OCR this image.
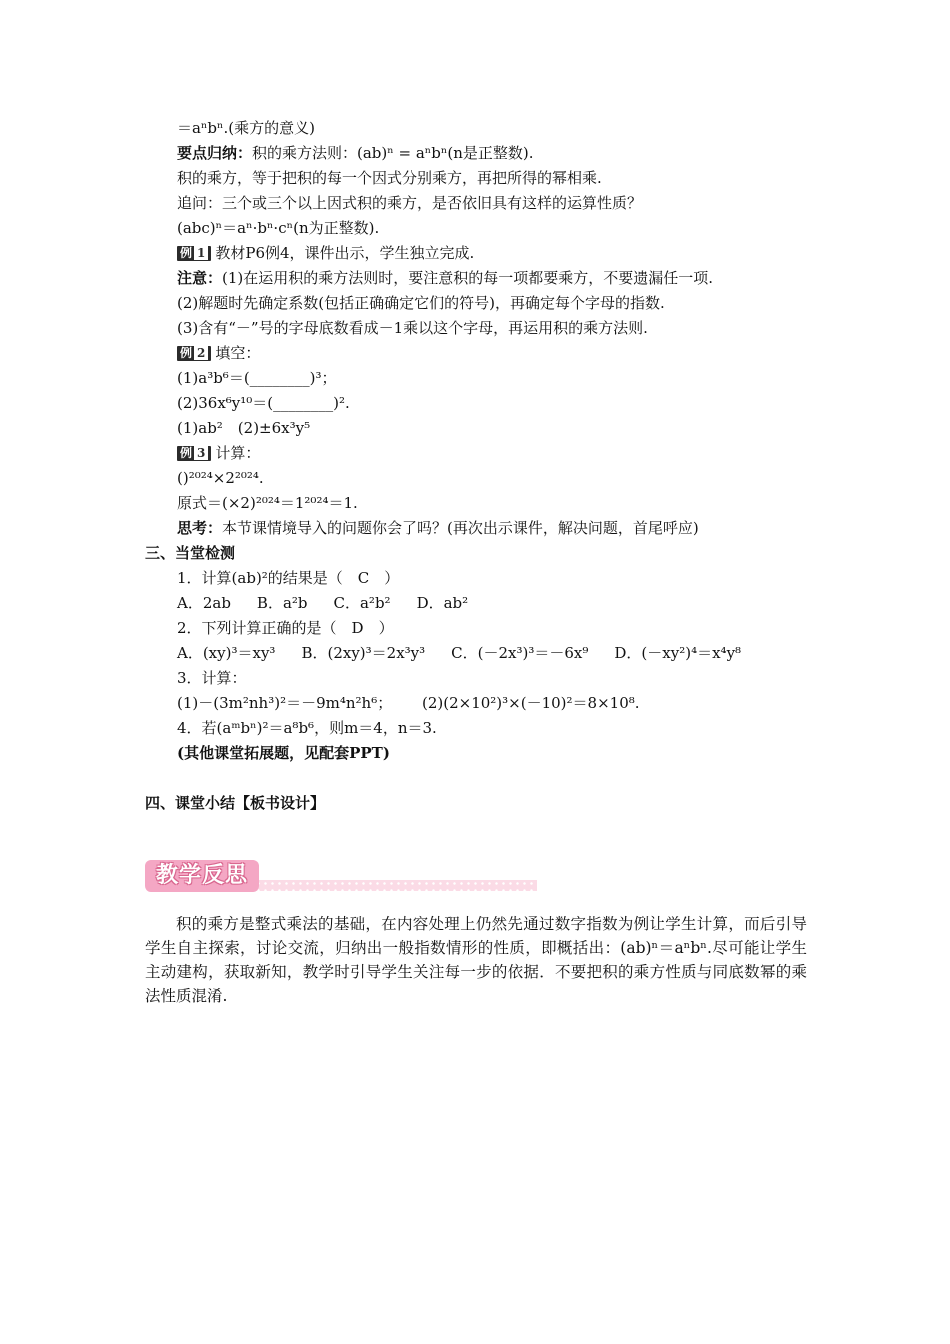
＝aⁿbⁿ.(乘方的意义)
要点归纳：积的乘方法则：(ab)ⁿ = aⁿbⁿ(n是正整数).
积的乘方，等于把积的每一个因式分别乘方，再把所得的幂相乘.
追问：三个或三个以上因式积的乘方，是否依旧具有这样的运算性质？
(abc)ⁿ＝aⁿ·bⁿ·cⁿ(n为正整数).
例 1 教材P6例4，课件出示，学生独立完成.
注意：(1)在运用积的乘方法则时，要注意积的每一项都要乘方，不要遗漏任一项.
(2)解题时先确定系数(包括正确确定它们的符号)，再确定每个字母的指数.
(3)含有“－”号的字母底数看成－1乘以这个字母，再运用积的乘方法则.
例 2 填空：
(1)a³b⁶＝(________)³；
(2)36x⁶y¹⁰＝(________)².
(1)ab²　(2)±6x³y⁵
例 3 计算：
()²⁰²⁴×2²⁰²⁴.
原式＝(×2)²⁰²⁴＝1²⁰²⁴＝1.
思考：本节课情境导入的问题你会了吗？(再次出示课件，解决问题，首尾呼应)
三、当堂检测
1．计算(ab)²的结果是（　C　）
A．2ab B．a²b C．a²b² D．ab²
2．下列计算正确的是（　D　）
A．(xy)³＝xy³ B．(2xy)³＝2x³y³ C．(－2x³)³＝－6x⁹ D．(－xy²)⁴＝x⁴y⁸
3．计算：
(1)－(3m²nh³)²＝－9m⁴n²h⁶； (2)(2×10²)³×(－10)²＝8×10⁸.
4．若(aᵐbⁿ)²＝a⁸b⁶，则m＝4，n＝3.
(其他课堂拓展题，见配套PPT)
四、课堂小结【板书设计】
教学反思
积的乘方是整式乘法的基础，在内容处理上仍然先通过数字指数为例让学生计算，而后引导学生自主探索，讨论交流，归纳出一般指数情形的性质，即概括出：(ab)ⁿ＝aⁿbⁿ.尽可能让学生主动建构，获取新知，教学时引导学生关注每一步的依据．不要把积的乘方性质与同底数幂的乘法性质混淆.
